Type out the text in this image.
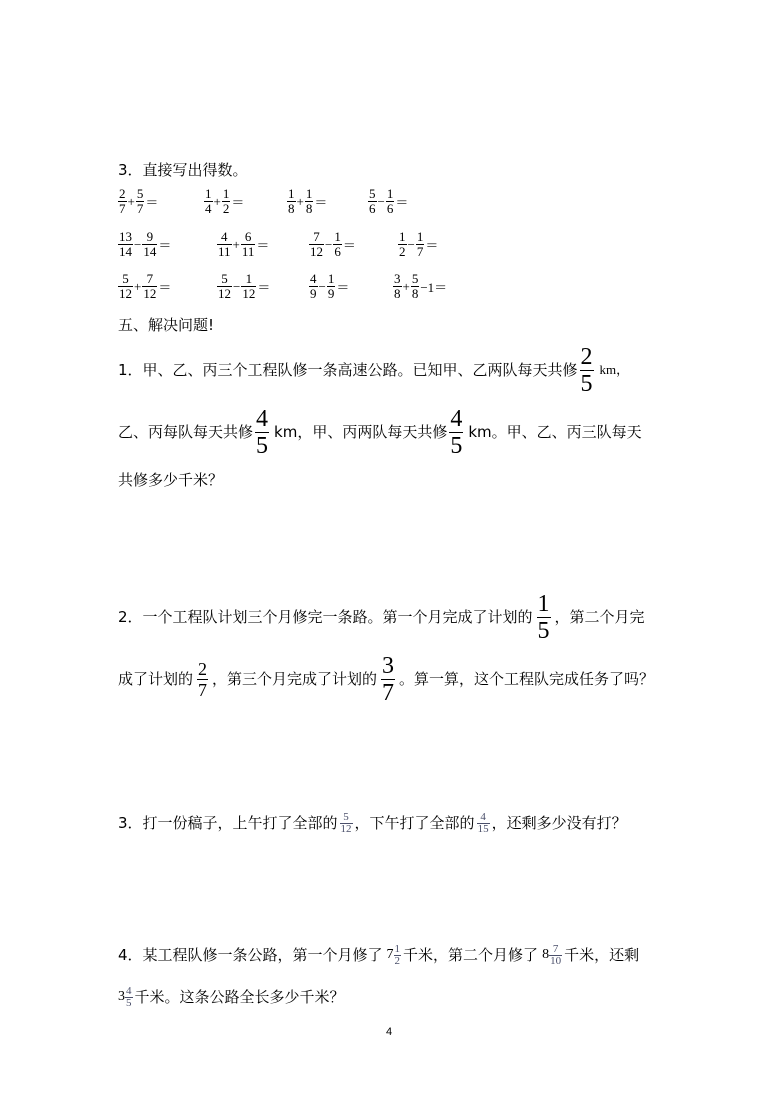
3．直接写出得数。
$\frac{2}{7} + \frac{5}{7}$ ＝	$\frac{1}{4} + \frac{1}{2}$ ＝	$\frac{1}{8} + \frac{1}{8}$ ＝	$\frac{5}{6} - \frac{1}{6}$ ＝
$\frac{13}{14} - \frac{9}{14}$ ＝	$\frac{4}{11} + \frac{6}{11}$ ＝	$\frac{7}{12} - \frac{1}{6}$ ＝	$\frac{1}{2} - \frac{1}{7}$ ＝
$\frac{5}{12} + \frac{7}{12}$ ＝	$\frac{5}{12} - \frac{1}{12}$ ＝	$\frac{4}{9} - \frac{1}{9}$ ＝	$\frac{3}{8} + \frac{5}{8} -1=$
五、解决问题!
1．甲、乙、丙三个工程队修一条高速公路。已知甲、乙两队每天共修 $\frac{2}{5}$ km，
乙、丙每队每天共修 $\frac{4}{5}$ km，甲、丙两队每天共修 $\frac{4}{5}$ km。甲、乙、丙三队每天
共修多少千米？
2．一个工程队计划三个月修完一条路。第一个月完成了计划的 $\frac{1}{5}$ ，第二个月完
成了计划的 $\frac{2}{7}$ ，第三个月完成了计划的 $\frac{3}{7}$ 。算一算，这个工程队完成任务了吗？
3．打一份稿子，上午打了全部的 $\frac{5}{12}$ ，下午打了全部的 $\frac{4}{15}$ ，还剩多少没有打？
4．某工程队修一条公路，第一个月修了 $7 \frac{1}{2}$ 千米，第二个月修了 $8 \frac{7}{10}$ 千米，还剩
$3 \frac{4}{5}$ 千米。这条公路全长多少千米？
4
